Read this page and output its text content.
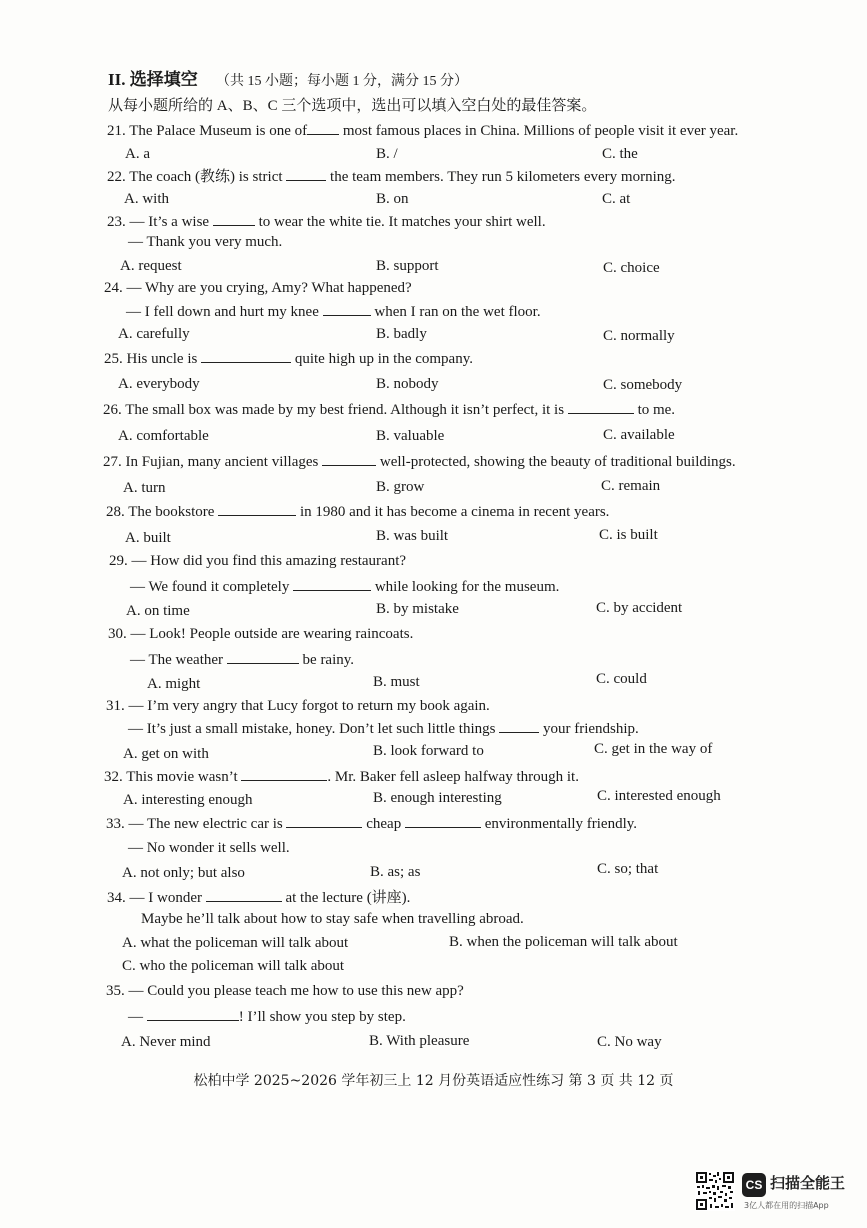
II. 选择填空 （共 15 小题；每小题 1 分，满分 15 分）
从每小题所给的 A、B、C 三个选项中，选出可以填入空白处的最佳答案。
21. The Palace Museum is one of most famous places in China. Millions of people visit it ever year.
A. a	B. /	C. the
22. The coach (教练) is strict	the team members. They run 5 kilometers every morning.
A. with	B. on	C. at
23. — It’s a wise	to wear the white tie. It matches your shirt well.
— Thank you very much.
A. request	B. support	C. choice
24. — Why are you crying, Amy? What happened?
— I fell down and hurt my knee	when I ran on the wet floor.
A. carefully	B. badly	C. normally
25. His uncle is	quite high up in the company.
A. everybody	B. nobody	C. somebody
26. The small box was made by my best friend. Although it isn’t perfect, it is	to me.
A. comfortable	B. valuable	C. available
27. In Fujian, many ancient villages	well-protected, showing the beauty of traditional buildings.
A. turn	B. grow	C. remain
28. The bookstore	in 1980 and it has become a cinema in recent years.
A. built	B. was built	C. is built
29. — How did you find this amazing restaurant?
— We found it completely	while looking for the museum.
A. on time	B. by mistake	C. by accident
30. — Look! People outside are wearing raincoats.
— The weather	be rainy.
A. might	B. must	C. could
31. — I’m very angry that Lucy forgot to return my book again.
— It’s just a small mistake, honey. Don’t let such little things	your friendship.
A. get on with	B. look forward to	C. get in the way of
32. This movie wasn’t	. Mr. Baker fell asleep halfway through it.
A. interesting enough	B. enough interesting	C. interested enough
33. — The new electric car is	cheap	environmentally friendly.
— No wonder it sells well.
A. not only; but also	B. as; as	C. so; that
34. — I wonder	at the lecture (讲座).
Maybe he’ll talk about how to stay safe when travelling abroad.
A. what the policeman will talk about	B. when the policeman will talk about
C. who the policeman will talk about
35. — Could you please teach me how to use this new app?
—	! I’ll show you step by step.
A. Never mind	B. With pleasure	C. No way
松柏中学 2025~2026 学年初三上 12 月份英语适应性练习 第 3 页 共 12 页
CS 扫描全能王
3亿人都在用的扫描App
